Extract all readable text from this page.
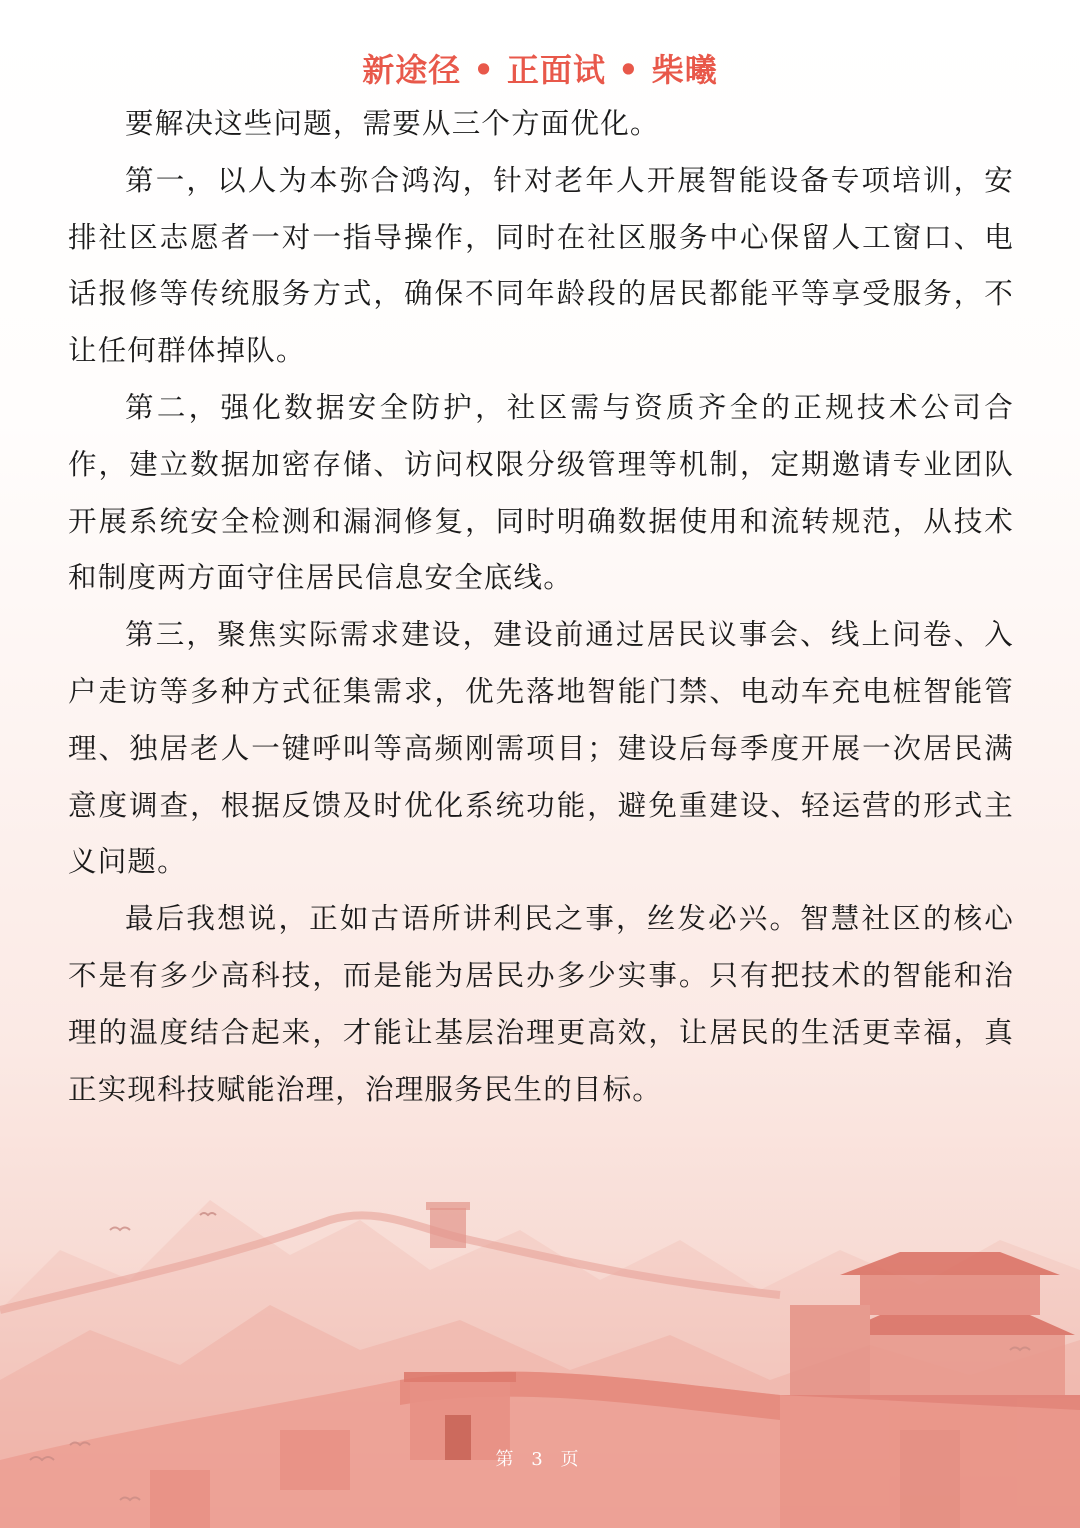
新途径 • 正面试 • 柴曦

要解决这些问题，需要从三个方面优化。

第一，以人为本弥合鸿沟，针对老年人开展智能设备专项培训，安排社区志愿者一对一指导操作，同时在社区服务中心保留人工窗口、电话报修等传统服务方式，确保不同年龄段的居民都能平等享受服务，不让任何群体掉队。

第二，强化数据安全防护，社区需与资质齐全的正规技术公司合作，建立数据加密存储、访问权限分级管理等机制，定期邀请专业团队开展系统安全检测和漏洞修复，同时明确数据使用和流转规范，从技术和制度两方面守住居民信息安全底线。

第三，聚焦实际需求建设，建设前通过居民议事会、线上问卷、入户走访等多种方式征集需求，优先落地智能门禁、电动车充电桩智能管理、独居老人一键呼叫等高频刚需项目；建设后每季度开展一次居民满意度调查，根据反馈及时优化系统功能，避免重建设、轻运营的形式主义问题。

最后我想说，正如古语所讲利民之事，丝发必兴。智慧社区的核心不是有多少高科技，而是能为居民办多少实事。只有把技术的智能和治理的温度结合起来，才能让基层治理更高效，让居民的生活更幸福，真正实现科技赋能治理，治理服务民生的目标。

第 3 页
